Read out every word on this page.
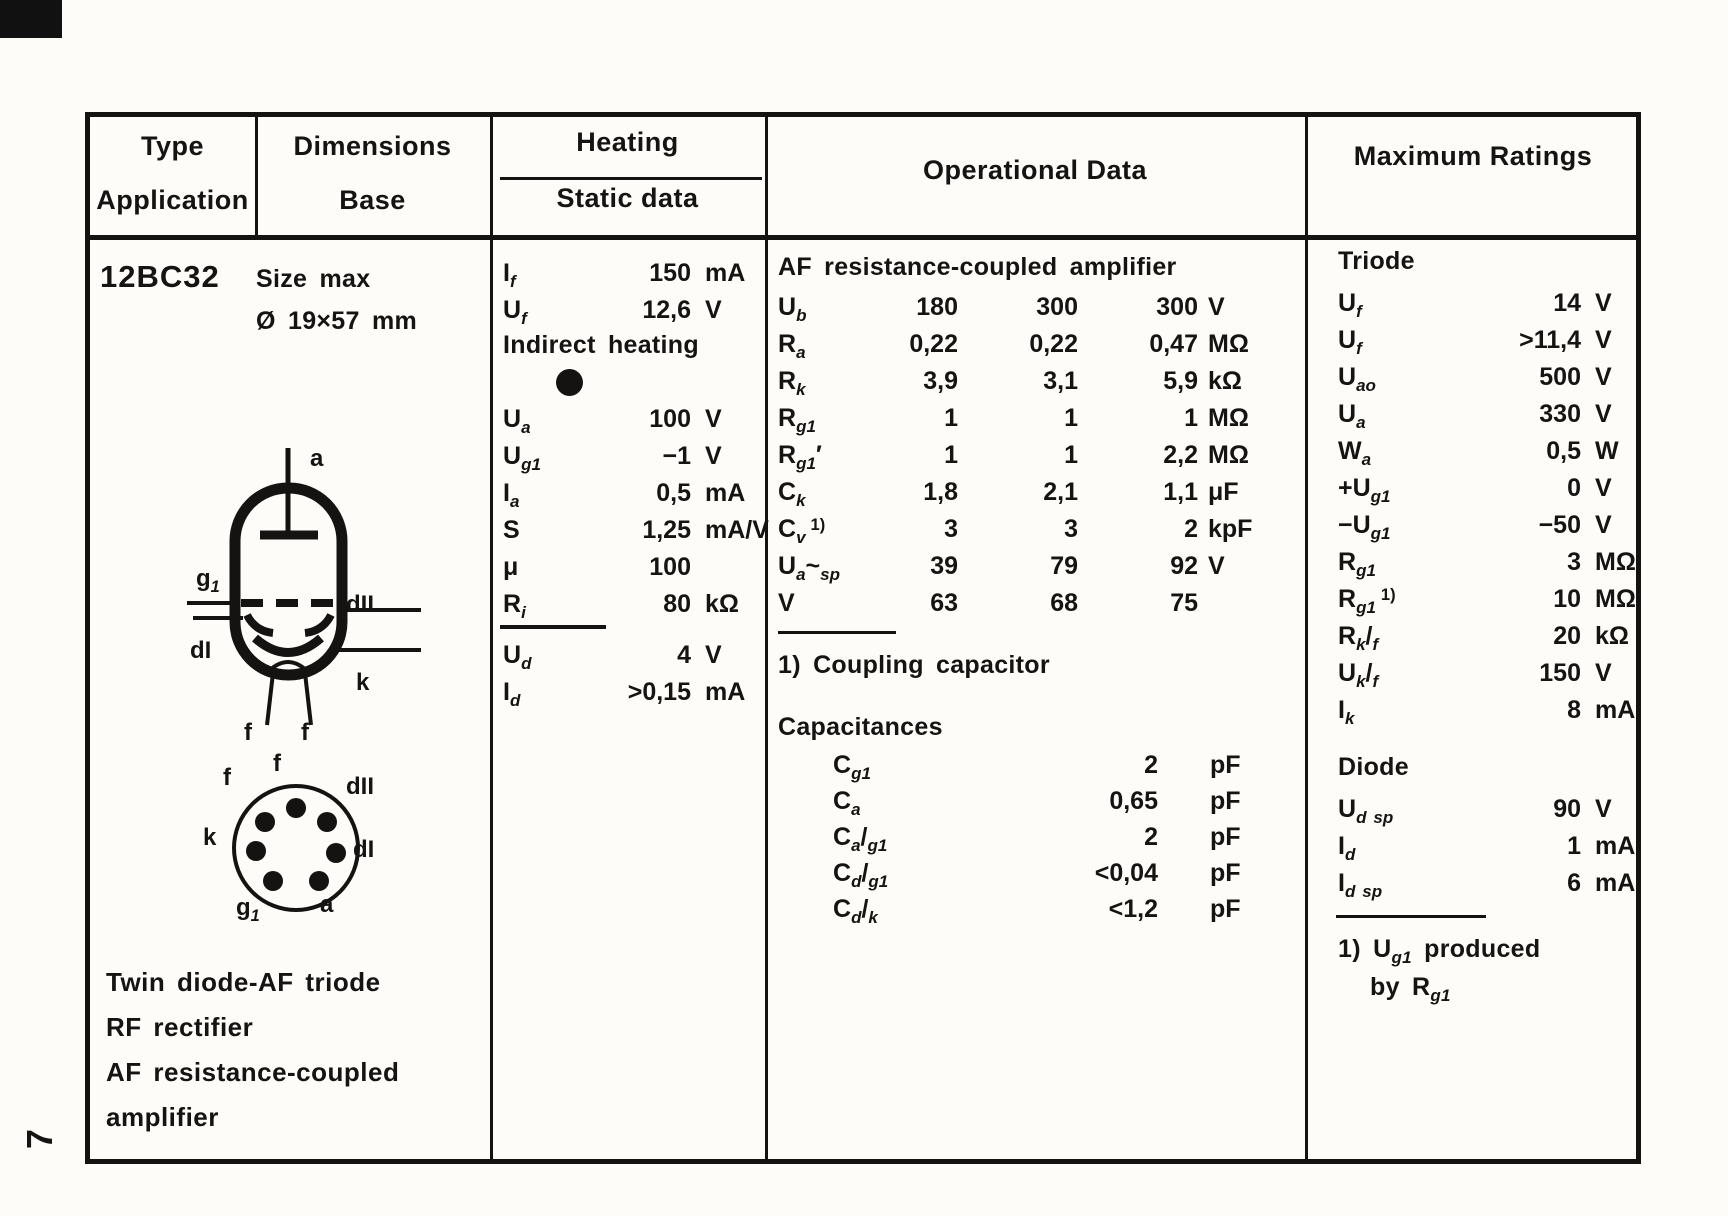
7
Type
Application
Dimensions
Base
Heating
Static data
Operational Data	Maximum Ratings
12BC32 Size max
Ø 19×57 mm
a
$g_1$
dII
dI
k
f f
f
f
dII
k	dI
$g_1$	a
Twin diode-AF triode
RF rectifier
AF resistance-coupled
amplifier
$I_f$	150 mA
$U_f$	12,6 V
Indirect heating
$U_a$	100 V
$U_{g1}$	−1 V
$I_a$	0,5 mA
S	1,25 mA/V
μ	100
$R_i$	80 kΩ
$U_d$	4 V
$I_d$	>0,15 mA
AF resistance-coupled amplifier
$U_b$	180	300	300 V
$R_a$	0,22	0,22	0,47 MΩ
$R_k$	3,9	3,1	5,9 kΩ
$R_{g1}$	1	1	1 MΩ
$R_{g1}'$	1	1	2,2 MΩ
$C_k$	1,8	2,1	1,1 μF
$C_v^{1)}$	3	3	2 kpF
$U_a\sim_{sp}$	39	79	92 V
V	63	68	75
1) Coupling capacitor
Capacitances
$C_{g1}$	2 pF
$C_a$	0,65 pF
$C_a/_{g1}$	2 pF
$C_d/_{g1}$	<0,04 pF
$C_d/_k$	<1,2 pF
Triode
$U_f$	14 V
$U_f$	>11,4 V
$U_{ao}$	500 V
$U_a$	330 V
$W_a$	0,5 W
$+U_{g1}$	0 V
$-U_{g1}$	−50 V
$R_{g1}$	3 MΩ
$R_{g1}^{1)}$	10 MΩ
$R_k/_f$	20 kΩ
$U_k/_f$	150 V
$I_k$	8 mA
Diode
$U_d$ $_{sp}$	90 V
$I_d$	1 mA
$I_d$ $_{sp}$	6 mA
1) $U_{g1}$ produced
by $R_{g1}$
